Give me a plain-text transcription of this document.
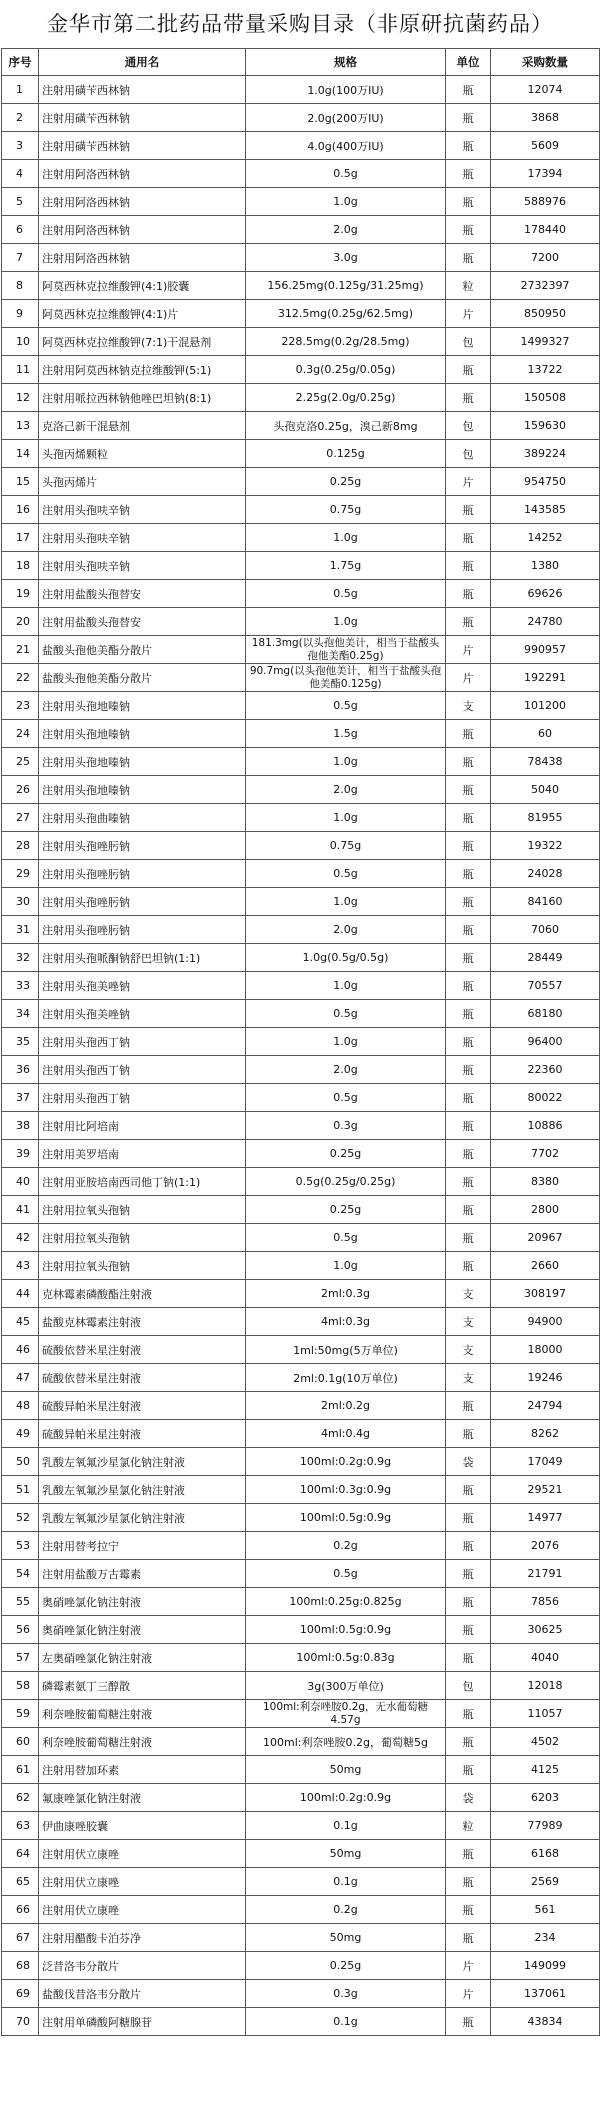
金华市第二批药品带量采购目录（非原研抗菌药品）
序号	通用名	规格	单位	采购数量
1	注射用磺苄西林钠	1.0g(100万IU)	瓶	12074
2	注射用磺苄西林钠	2.0g(200万IU)	瓶	3868
3	注射用磺苄西林钠	4.0g(400万IU)	瓶	5609
4	注射用阿洛西林钠	0.5g	瓶	17394
5	注射用阿洛西林钠	1.0g	瓶	588976
6	注射用阿洛西林钠	2.0g	瓶	178440
7	注射用阿洛西林钠	3.0g	瓶	7200
8	阿莫西林克拉维酸钾(4:1)胶囊	156.25mg(0.125g/31.25mg)	粒	2732397
9	阿莫西林克拉维酸钾(4:1)片	312.5mg(0.25g/62.5mg)	片	850950
10	阿莫西林克拉维酸钾(7:1)干混悬剂	228.5mg(0.2g/28.5mg)	包	1499327
11	注射用阿莫西林钠克拉维酸钾(5:1)	0.3g(0.25g/0.05g)	瓶	13722
12	注射用哌拉西林钠他唑巴坦钠(8:1)	2.25g(2.0g/0.25g)	瓶	150508
13	克洛己新干混悬剂	头孢克洛0.25g，溴己新8mg	包	159630
14	头孢丙烯颗粒	0.125g	包	389224
15	头孢丙烯片	0.25g	片	954750
16	注射用头孢呋辛钠	0.75g	瓶	143585
17	注射用头孢呋辛钠	1.0g	瓶	14252
18	注射用头孢呋辛钠	1.75g	瓶	1380
19	注射用盐酸头孢替安	0.5g	瓶	69626
20	注射用盐酸头孢替安	1.0g	瓶	24780
21	盐酸头孢他美酯分散片	181.3mg(以头孢他美计，相当于盐酸头孢他美酯0.25g)	片	990957
22	盐酸头孢他美酯分散片	90.7mg(以头孢他美计，相当于盐酸头孢他美酯0.125g)	片	192291
23	注射用头孢地嗪钠	0.5g	支	101200
24	注射用头孢地嗪钠	1.5g	瓶	60
25	注射用头孢地嗪钠	1.0g	瓶	78438
26	注射用头孢地嗪钠	2.0g	瓶	5040
27	注射用头孢曲嗪钠	1.0g	瓶	81955
28	注射用头孢唑肟钠	0.75g	瓶	19322
29	注射用头孢唑肟钠	0.5g	瓶	24028
30	注射用头孢唑肟钠	1.0g	瓶	84160
31	注射用头孢唑肟钠	2.0g	瓶	7060
32	注射用头孢哌酮钠舒巴坦钠(1:1)	1.0g(0.5g/0.5g)	瓶	28449
33	注射用头孢美唑钠	1.0g	瓶	70557
34	注射用头孢美唑钠	0.5g	瓶	68180
35	注射用头孢西丁钠	1.0g	瓶	96400
36	注射用头孢西丁钠	2.0g	瓶	22360
37	注射用头孢西丁钠	0.5g	瓶	80022
38	注射用比阿培南	0.3g	瓶	10886
39	注射用美罗培南	0.25g	瓶	7702
40	注射用亚胺培南西司他丁钠(1:1)	0.5g(0.25g/0.25g)	瓶	8380
41	注射用拉氧头孢钠	0.25g	瓶	2800
42	注射用拉氧头孢钠	0.5g	瓶	20967
43	注射用拉氧头孢钠	1.0g	瓶	2660
44	克林霉素磷酸酯注射液	2ml:0.3g	支	308197
45	盐酸克林霉素注射液	4ml:0.3g	支	94900
46	硫酸依替米星注射液	1ml:50mg(5万单位)	支	18000
47	硫酸依替米星注射液	2ml:0.1g(10万单位)	支	19246
48	硫酸异帕米星注射液	2ml:0.2g	瓶	24794
49	硫酸异帕米星注射液	4ml:0.4g	瓶	8262
50	乳酸左氧氟沙星氯化钠注射液	100ml:0.2g:0.9g	袋	17049
51	乳酸左氧氟沙星氯化钠注射液	100ml:0.3g:0.9g	瓶	29521
52	乳酸左氧氟沙星氯化钠注射液	100ml:0.5g:0.9g	瓶	14977
53	注射用替考拉宁	0.2g	瓶	2076
54	注射用盐酸万古霉素	0.5g	瓶	21791
55	奥硝唑氯化钠注射液	100ml:0.25g:0.825g	瓶	7856
56	奥硝唑氯化钠注射液	100ml:0.5g:0.9g	瓶	30625
57	左奥硝唑氯化钠注射液	100ml:0.5g:0.83g	瓶	4040
58	磷霉素氨丁三醇散	3g(300万单位)	包	12018
59	利奈唑胺葡萄糖注射液	100ml:利奈唑胺0.2g，无水葡萄糖4.57g	瓶	11057
60	利奈唑胺葡萄糖注射液	100ml:利奈唑胺0.2g，葡萄糖5g	瓶	4502
61	注射用替加环素	50mg	瓶	4125
62	氟康唑氯化钠注射液	100ml:0.2g:0.9g	袋	6203
63	伊曲康唑胶囊	0.1g	粒	77989
64	注射用伏立康唑	50mg	瓶	6168
65	注射用伏立康唑	0.1g	瓶	2569
66	注射用伏立康唑	0.2g	瓶	561
67	注射用醋酸卡泊芬净	50mg	瓶	234
68	泛昔洛韦分散片	0.25g	片	149099
69	盐酸伐昔洛韦分散片	0.3g	片	137061
70	注射用单磷酸阿糖腺苷	0.1g	瓶	43834
